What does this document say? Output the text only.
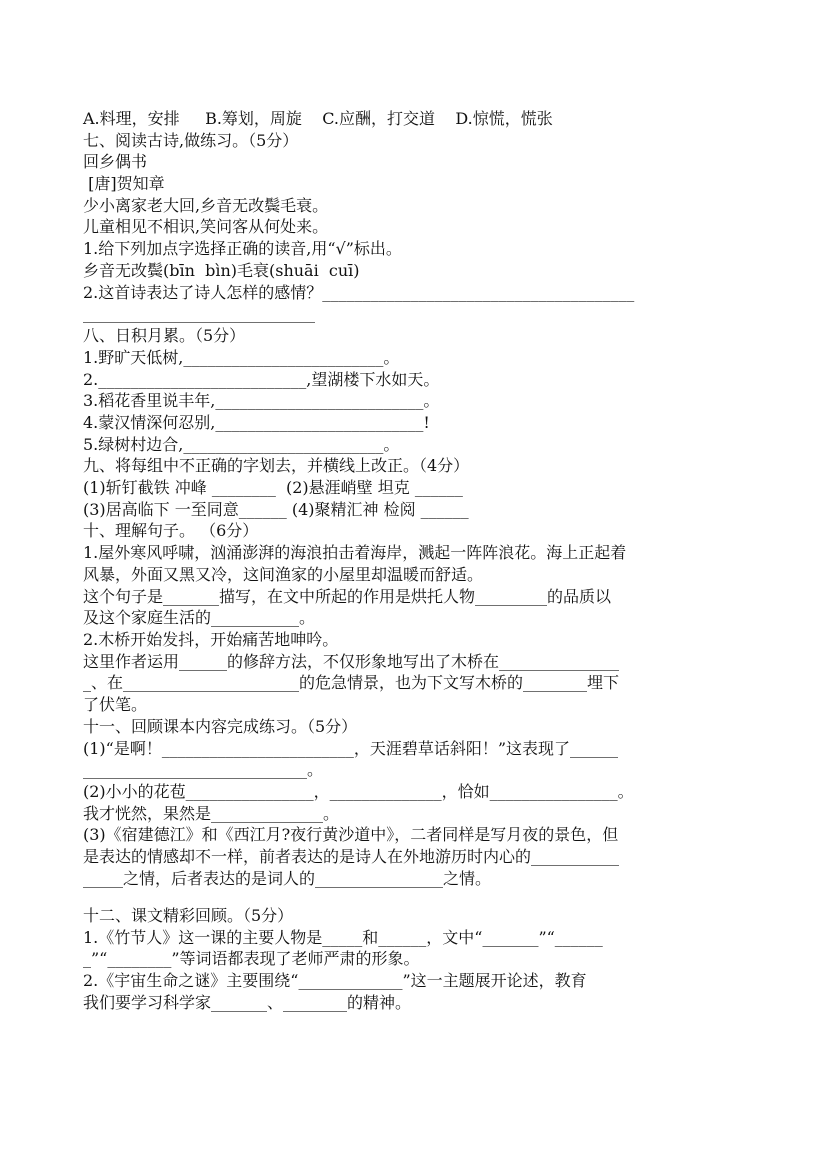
A.料理，安排     B.筹划，周旋    C.应酬，打交道    D.惊慌，慌张
七、阅读古诗,做练习。（5分）
回乡偶书
[唐]贺知章
少小离家老大回,乡音无改鬓毛衰。
儿童相见不相识,笑问客从何处来。
1.给下列加点字选择正确的读音,用“√”标出。
乡音无改鬓(bīn  bìn)毛衰(shuāi  cuī)
2.这首诗表达了诗人怎样的感情？_______________________________________
_____________________________
八、日积月累。（5分）
1.野旷天低树,_________________________。
2.__________________________,望湖楼下水如天。
3.稻花香里说丰年,__________________________。
4.蒙汉情深何忍别,__________________________!
5.绿树村边合,_________________________。
九、将每组中不正确的字划去，并横线上改正。（4分）
(1)斩钉截铁 冲峰 ________  (2)悬涯峭壁 坦克 ______
(3)居高临下 一至同意______ (4)聚精汇神 检阅 ______
十、理解句子。 （6分）
1.屋外寒风呼啸，汹涌澎湃的海浪拍击着海岸，溅起一阵阵浪花。海上正起着
风暴，外面又黑又冷，这间渔家的小屋里却温暖而舒适。
这个句子是_______描写，在文中所起的作用是烘托人物_________的品质以
及这个家庭生活的___________。
2.木桥开始发抖，开始痛苦地呻吟。
这里作者运用______的修辞方法，不仅形象地写出了木桥在_______________
_、在______________________的危急情景，也为下文写木桥的________埋下
了伏笔。
十一、回顾课本内容完成练习。（5分）
(1)“是啊！________________________，天涯碧草话斜阳！”这表现了______
____________________________。
(2)小小的花苞________________，______________，恰如________________。
我才恍然，果然是______________。
(3)《宿建德江》和《西江月?夜行黄沙道中》，二者同样是写月夜的景色，但
是表达的情感却不一样，前者表达的是诗人在外地游历时内心的___________
_____之情，后者表达的是词人的________________之情。
十二、课文精彩回顾。（5分）
1.《竹节人》这一课的主要人物是_____和______，文中“_______”“______
_”“________”等词语都表现了老师严肃的形象。
2.《宇宙生命之谜》主要围绕“_____________”这一主题展开论述，教育
我们要学习科学家_______、________的精神。
